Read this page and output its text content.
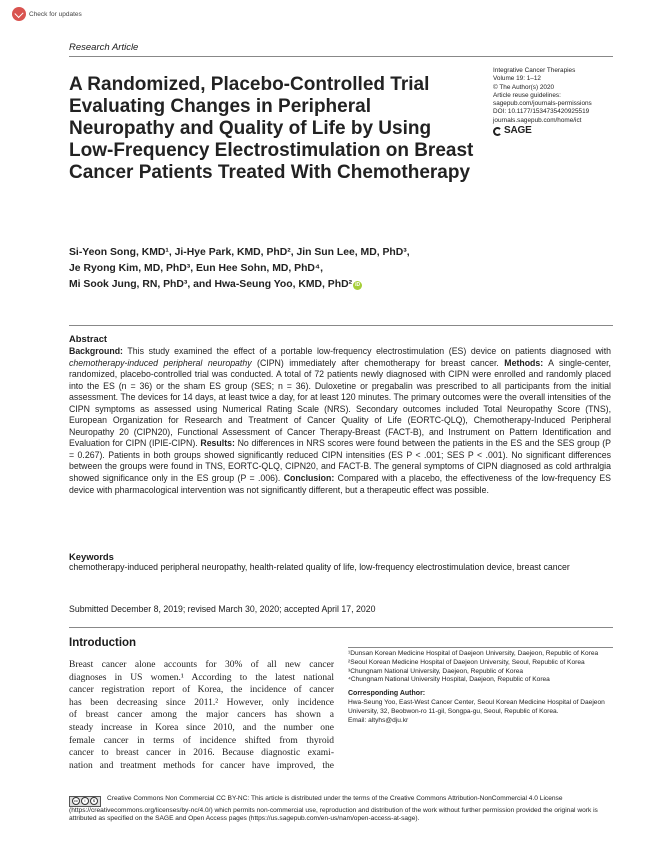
Check for updates
Research Article
A Randomized, Placebo-Controlled Trial Evaluating Changes in Peripheral Neuropathy and Quality of Life by Using Low-Frequency Electrostimulation on Breast Cancer Patients Treated With Chemotherapy
Integrative Cancer Therapies
Volume 19: 1–12
© The Author(s) 2020
Article reuse guidelines:
sagepub.com/journals-permissions
DOI: 10.1177/1534735420925519
journals.sagepub.com/home/ict
SAGE
Si-Yeon Song, KMD¹, Ji-Hye Park, KMD, PhD², Jin Sun Lee, MD, PhD³,
Je Ryong Kim, MD, PhD³, Eun Hee Sohn, MD, PhD⁴,
Mi Sook Jung, RN, PhD³, and Hwa-Seung Yoo, KMD, PhD² iD
Abstract

Background: This study examined the effect of a portable low-frequency electrostimulation (ES) device on patients diagnosed with chemotherapy-induced peripheral neuropathy (CIPN) immediately after chemotherapy for breast cancer. Methods: A single-center, randomized, placebo-controlled trial was conducted. A total of 72 patients newly diagnosed with CIPN were enrolled and randomly placed into the ES (n = 36) or the sham ES group (SES; n = 36). Duloxetine or pregabalin was prescribed to all participants from the initial assessment. The devices for 14 days, at least twice a day, for at least 120 minutes. The primary outcomes were the overall intensities of the CIPN symptoms as assessed using Numerical Rating Scale (NRS). Secondary outcomes included Total Neuropathy Score (TNS), European Organization for Research and Treatment of Cancer Quality of Life (EORTC-QLQ), Chemotherapy-Induced Peripheral Neuropathy 20 (CIPN20), Functional Assessment of Cancer Therapy-Breast (FACT-B), and Instrument on Pattern Identification and Evaluation for CIPN (IPIE-CIPN). Results: No differences in NRS scores were found between the patients in the ES and the SES group (P = 0.267). Patients in both groups showed significantly reduced CIPN intensities (ES P < .001; SES P < .001). No significant differences between the groups were found in TNS, EORTC-QLQ, CIPN20, and FACT-B. The general symptoms of CIPN diagnosed as cold arthralgia showed significance only in the ES group (P = .006). Conclusion: Compared with a placebo, the effectiveness of the low-frequency ES device with pharmacological intervention was not significantly different, but a therapeutic effect was possible.

Keywords

chemotherapy-induced peripheral neuropathy, health-related quality of life, low-frequency electrostimulation device, breast cancer

Submitted December 8, 2019; revised March 30, 2020; accepted April 17, 2020

Introduction
Breast cancer alone accounts for 30% of all new cancer
diagnoses in US women.¹ According to the latest national
cancer registration report of Korea, the incidence of cancer
has been decreasing since 2011.² However, only incidence
of breast cancer among the major cancers has shown a
steady increase in Korea since 2010, and the number one
female cancer in terms of incidence shifted from thyroid
cancer to breast cancer in 2016. Because diagnostic exami-
nation and treatment methods for cancer have improved, the
¹Dunsan Korean Medicine Hospital of Daejeon University, Daejeon, Republic of Korea
²Seoul Korean Medicine Hospital of Daejeon University, Seoul, Republic of Korea
³Chungnam National University, Daejeon, Republic of Korea
⁴Chungnam National University Hospital, Daejeon, Republic of Korea
Corresponding Author:
Hwa-Seung Yoo, East-West Cancer Center, Seoul Korean Medicine Hospital of Daejeon University, 32, Beobwon-ro 11-gil, Songpa-gu, Seoul, Republic of Korea.
Email: altyhs@dju.kr
cc	i	$	Creative Commons Non Commercial CC BY-NC: This article is distributed under the terms of the Creative Commons Attribution-NonCommercial 4.0 License (https://creativecommons.org/licenses/by-nc/4.0/) which permits non-commercial use, reproduction and distribution of the work without further permission provided the original work is attributed as specified on the SAGE and Open Access pages (https://us.sagepub.com/en-us/nam/open-access-at-sage).
